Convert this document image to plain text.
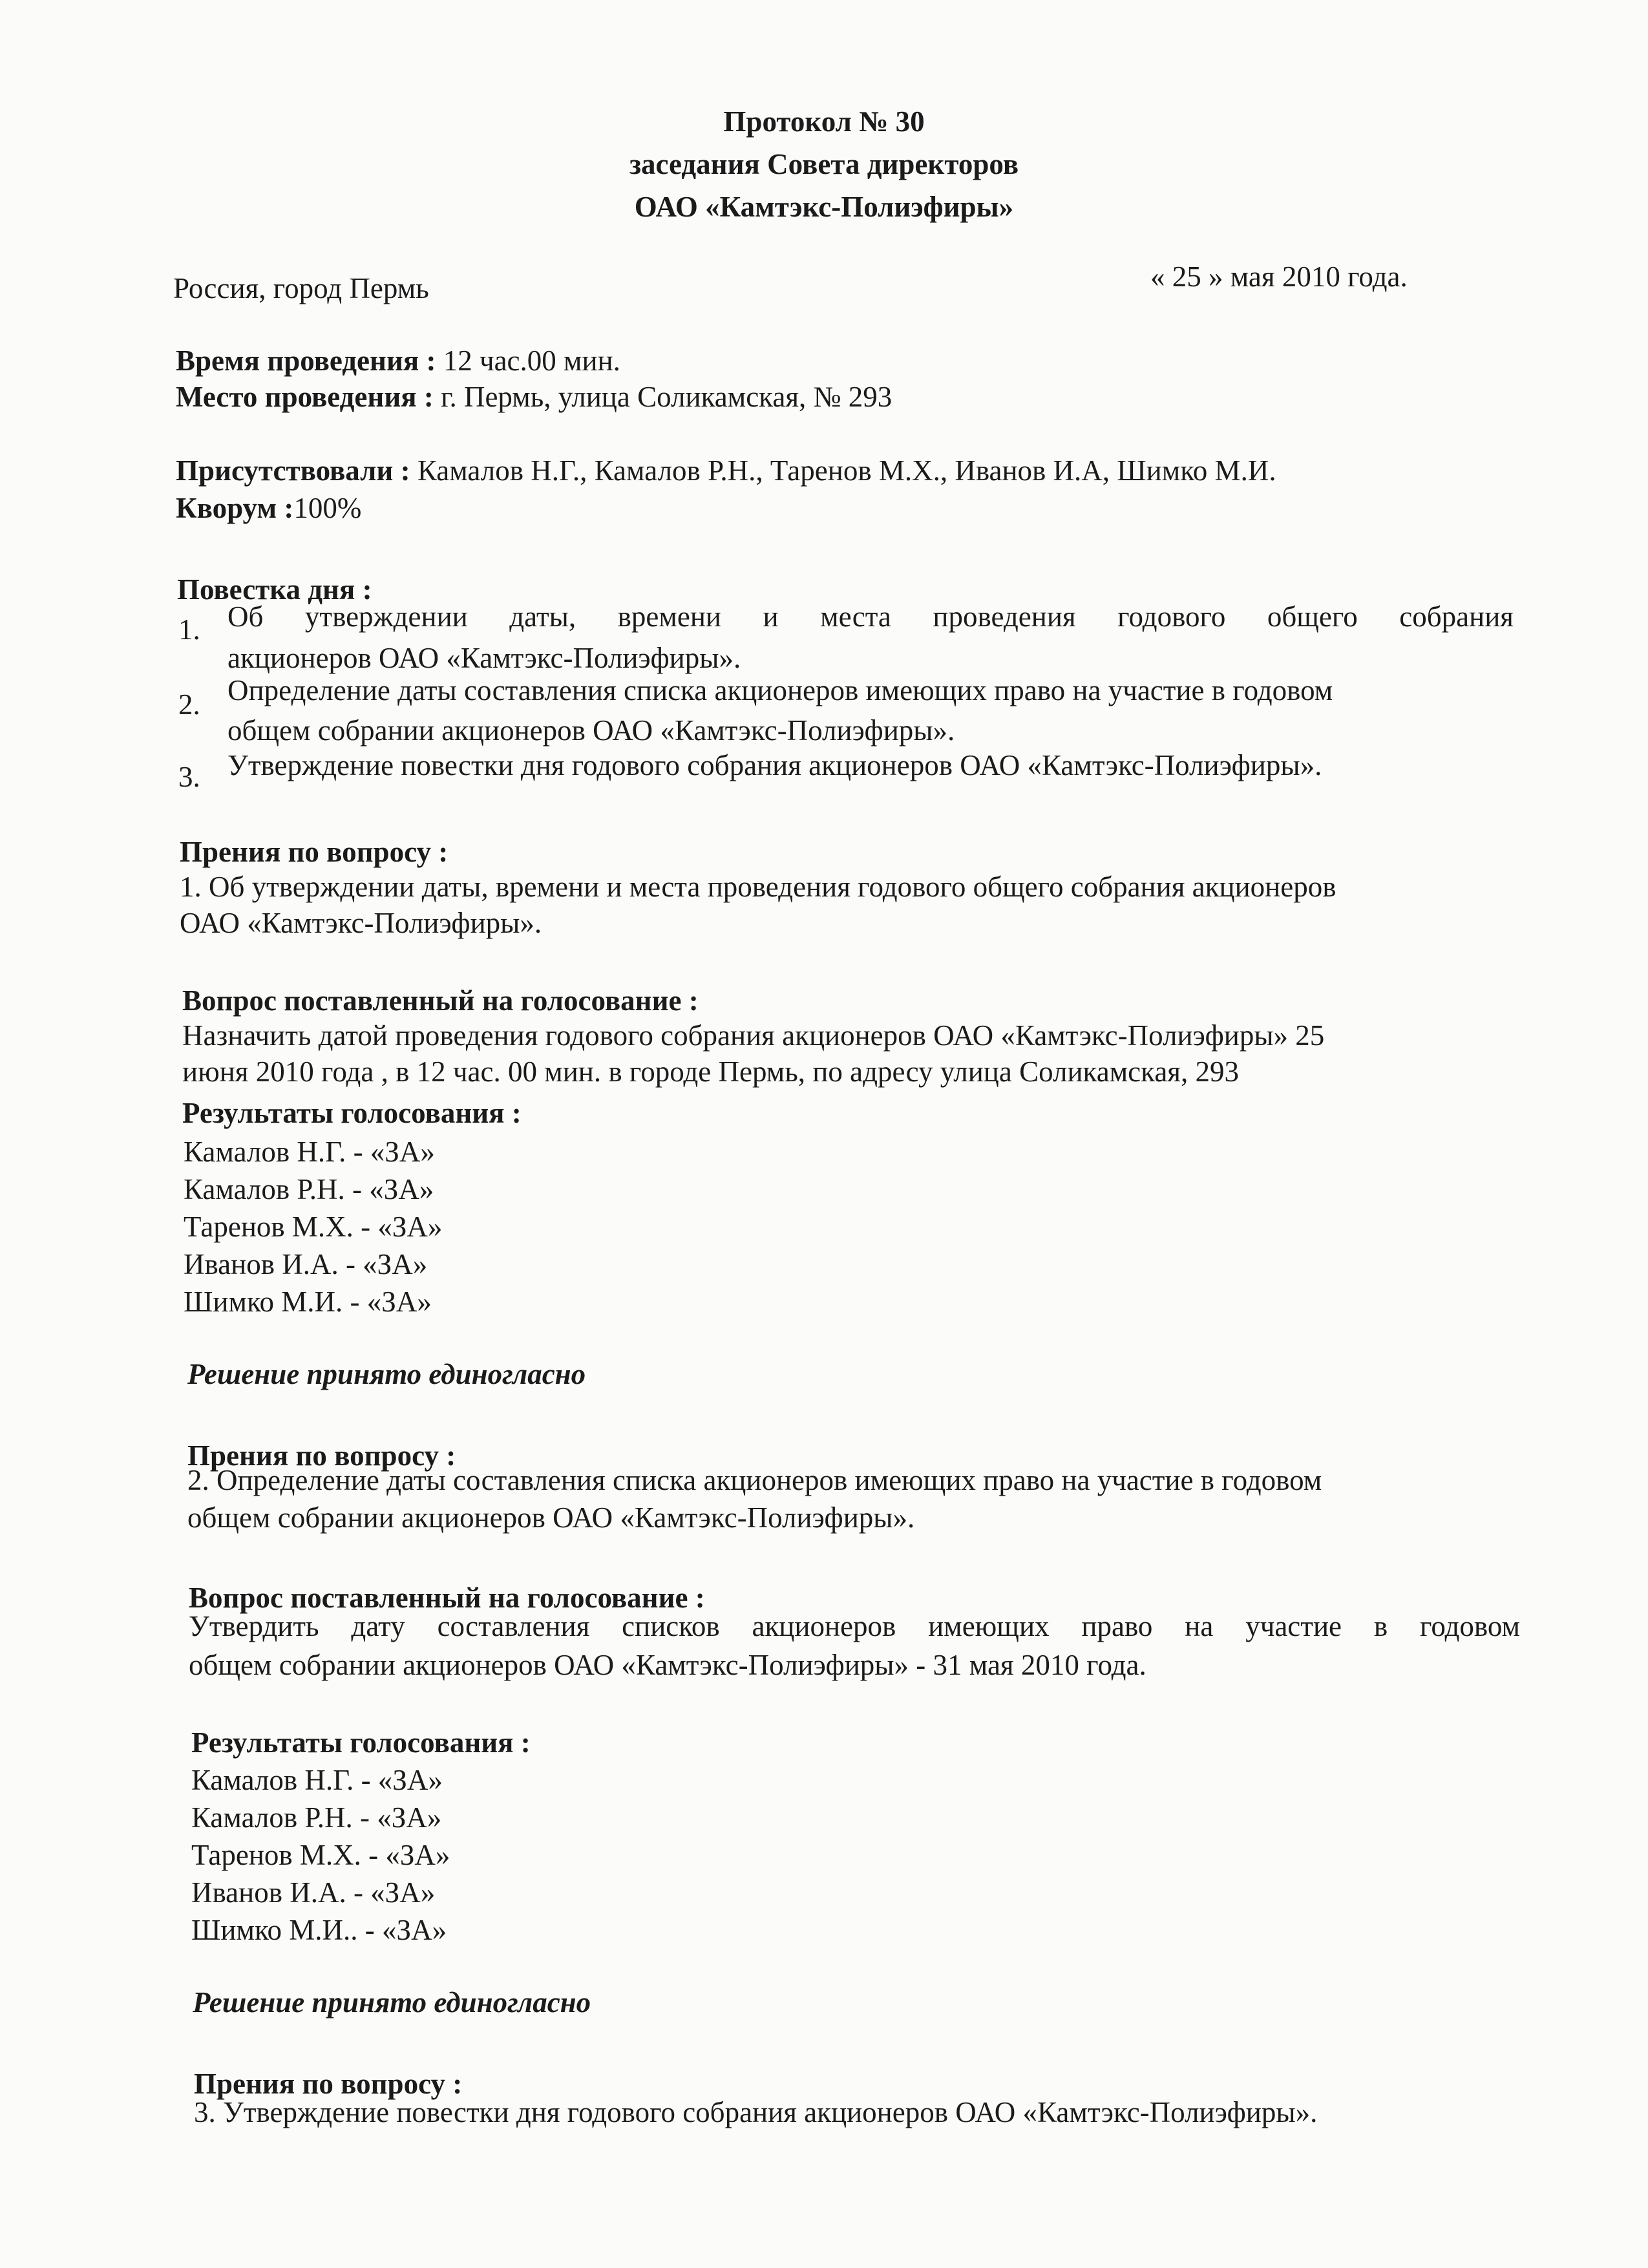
Протокол № 30
заседания Совета директоров
ОАО «Камтэкс-Полиэфиры»
Россия, город Пермь	« 25 » мая 2010 года.
Время проведения : 12 час.00 мин.
Место проведения : г. Пермь, улица Соликамская, № 293
Присутствовали : Камалов Н.Г., Камалов Р.Н., Таренов М.Х., Иванов И.А, Шимко М.И.
Кворум :100%
Повестка дня :
1. Об утверждении даты, времени и места проведения годового общего собрания
акционеров ОАО «Камтэкс-Полиэфиры».
2. Определение даты составления списка акционеров имеющих право на участие в годовом
общем собрании акционеров ОАО «Камтэкс-Полиэфиры».
3. Утверждение повестки дня годового собрания акционеров ОАО «Камтэкс-Полиэфиры».
Прения по вопросу :
1. Об утверждении даты, времени и места проведения годового общего собрания акционеров
ОАО «Камтэкс-Полиэфиры».
Вопрос поставленный на голосование :
Назначить датой проведения годового собрания акционеров ОАО «Камтэкс-Полиэфиры» 25
июня 2010 года , в 12 час. 00 мин. в городе Пермь, по адресу улица Соликамская, 293
Результаты голосования :
Камалов Н.Г. - «ЗА»
Камалов Р.Н. - «ЗА»
Таренов М.Х. - «ЗА»
Иванов И.А. - «ЗА»
Шимко М.И. - «ЗА»
Решение принято единогласно
Прения по вопросу :
2. Определение даты составления списка акционеров имеющих право на участие в годовом
общем собрании акционеров ОАО «Камтэкс-Полиэфиры».
Вопрос поставленный на голосование :
Утвердить дату составления списков акционеров имеющих право на участие в годовом
общем собрании акционеров ОАО «Камтэкс-Полиэфиры» - 31 мая 2010 года.
Результаты голосования :
Камалов Н.Г. - «ЗА»
Камалов Р.Н. - «ЗА»
Таренов М.Х. - «ЗА»
Иванов И.А. - «ЗА»
Шимко М.И.. - «ЗА»
Решение принято единогласно
Прения по вопросу :
3. Утверждение повестки дня годового собрания акционеров ОАО «Камтэкс-Полиэфиры».
